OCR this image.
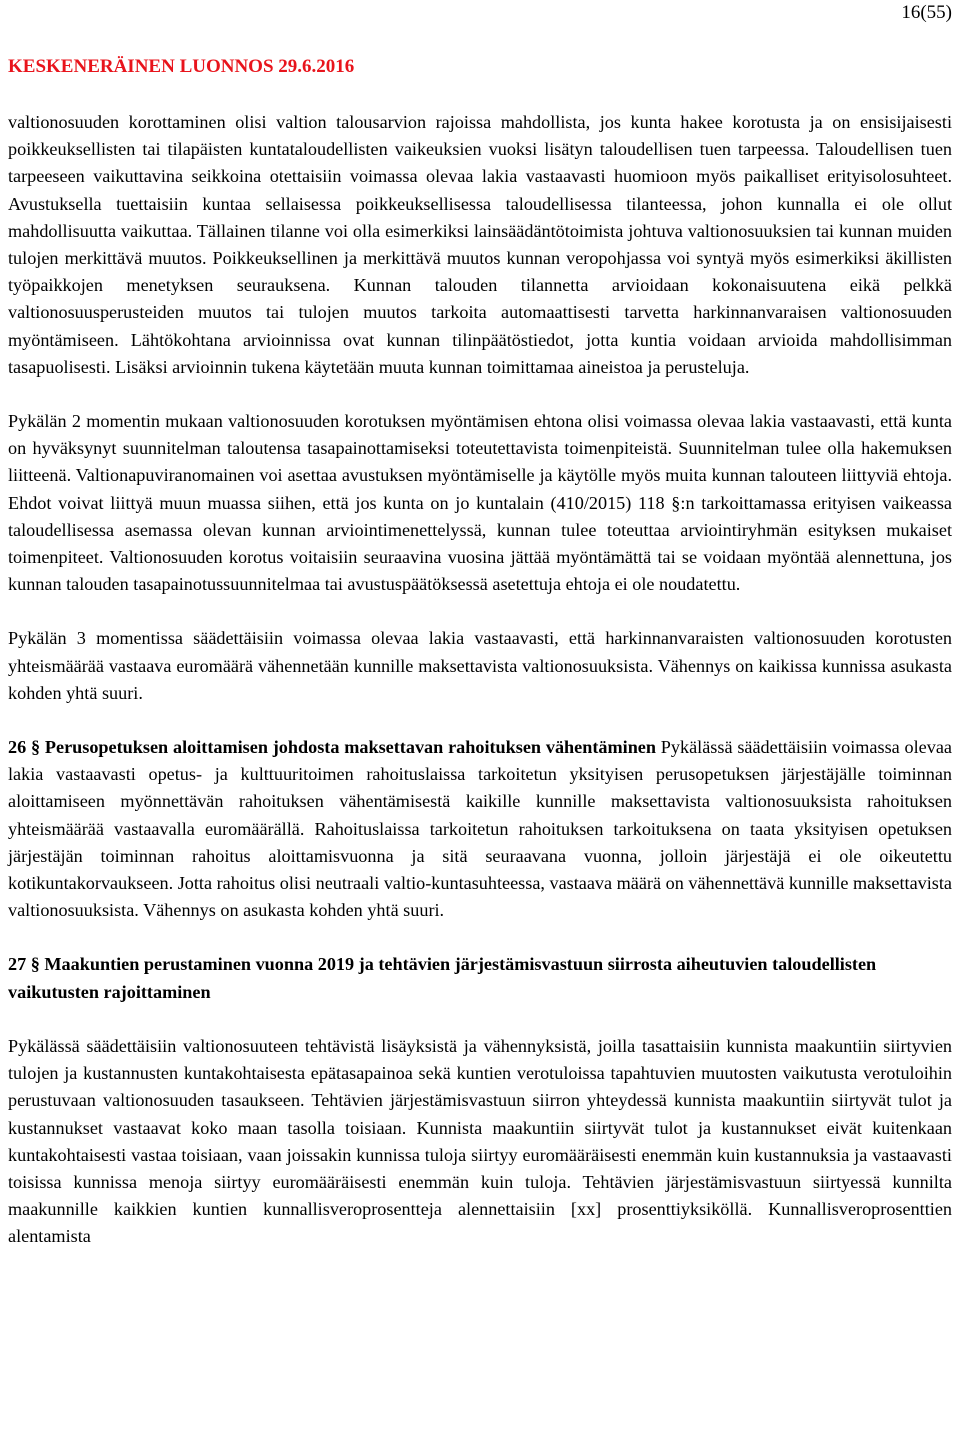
16(55)
KESKENERÄINEN LUONNOS 29.6.2016

valtionosuuden korottaminen olisi valtion talousarvion rajoissa mahdollista, jos kunta hakee korotusta ja on ensisijaisesti poikkeuksellisten tai tilapäisten kuntataloudellisten vaikeuksien vuoksi lisätyn taloudellisen tuen tarpeessa. Taloudellisen tuen tarpeeseen vaikuttavina seikkoina otettaisiin voimassa olevaa lakia vastaavasti huomioon myös paikalliset erityisolosuhteet. Avustuksella tuettaisiin kuntaa sellaisessa poikkeuksellisessa taloudellisessa tilanteessa, johon kunnalla ei ole ollut mahdollisuutta vaikuttaa. Tällainen tilanne voi olla esimerkiksi lainsäädäntötoimista johtuva valtionosuuksien tai kunnan muiden tulojen merkittävä muutos. Poikkeuksellinen ja merkittävä muutos kunnan veropohjassa voi syntyä myös esimerkiksi äkillisten työpaikkojen menetyksen seurauksena. Kunnan talouden tilannetta arvioidaan kokonaisuutena eikä pelkkä valtionosuusperusteiden muutos tai tulojen muutos tarkoita automaattisesti tarvetta harkinnanvaraisen valtionosuuden myöntämiseen. Lähtökohtana arvioinnissa ovat kunnan tilinpäätöstiedot, jotta kuntia voidaan arvioida mahdollisimman tasapuolisesti. Lisäksi arvioinnin tukena käytetään muuta kunnan toimittamaa aineistoa ja perusteluja.

Pykälän 2 momentin mukaan valtionosuuden korotuksen myöntämisen ehtona olisi voimassa olevaa lakia vastaavasti, että kunta on hyväksynyt suunnitelman taloutensa tasapainottamiseksi toteutettavista toimenpiteistä. Suunnitelman tulee olla hakemuksen liitteenä. Valtionapuviranomainen voi asettaa avustuksen myöntämiselle ja käytölle myös muita kunnan talouteen liittyviä ehtoja. Ehdot voivat liittyä muun muassa siihen, että jos kunta on jo kuntalain (410/2015) 118 §:n tarkoittamassa erityisen vaikeassa taloudellisessa asemassa olevan kunnan arviointimenettelyssä, kunnan tulee toteuttaa arviointiryhmän esityksen mukaiset toimenpiteet. Valtionosuuden korotus voitaisiin seuraavina vuosina jättää myöntämättä tai se voidaan myöntää alennettuna, jos kunnan talouden tasapainotussuunnitelmaa tai avustuspäätöksessä asetettuja ehtoja ei ole noudatettu.

Pykälän 3 momentissa säädettäisiin voimassa olevaa lakia vastaavasti, että harkinnanvaraisten valtionosuuden korotusten yhteismäärää vastaava euromäärä vähennetään kunnille maksettavista valtionosuuksista. Vähennys on kaikissa kunnissa asukasta kohden yhtä suuri.

26 § Perusopetuksen aloittamisen johdosta maksettavan rahoituksen vähentäminen Pykälässä säädettäisiin voimassa olevaa lakia vastaavasti opetus- ja kulttuuritoimen rahoituslaissa tarkoitetun yksityisen perusopetuksen järjestäjälle toiminnan aloittamiseen myönnettävän rahoituksen vähentämisestä kaikille kunnille maksettavista valtionosuuksista rahoituksen yhteismäärää vastaavalla euromäärällä. Rahoituslaissa tarkoitetun rahoituksen tarkoituksena on taata yksityisen opetuksen järjestäjän toiminnan rahoitus aloittamisvuonna ja sitä seuraavana vuonna, jolloin järjestäjä ei ole oikeutettu kotikuntakorvaukseen. Jotta rahoitus olisi neutraali valtio-kuntasuhteessa, vastaava määrä on vähennettävä kunnille maksettavista valtionosuuksista. Vähennys on asukasta kohden yhtä suuri.

27 § Maakuntien perustaminen vuonna 2019 ja tehtävien järjestämisvastuun siirrosta aiheutuvien taloudellisten vaikutusten rajoittaminen

Pykälässä säädettäisiin valtionosuuteen tehtävistä lisäyksistä ja vähennyksistä, joilla tasattaisiin kunnista maakuntiin siirtyvien tulojen ja kustannusten kuntakohtaisesta epätasapainoa sekä kuntien verotuloissa tapahtuvien muutosten vaikutusta verotuloihin perustuvaan valtionosuuden tasaukseen. Tehtävien järjestämisvastuun siirron yhteydessä kunnista maakuntiin siirtyvät tulot ja kustannukset vastaavat koko maan tasolla toisiaan. Kunnista maakuntiin siirtyvät tulot ja kustannukset eivät kuitenkaan kuntakohtaisesti vastaa toisiaan, vaan joissakin kunnissa tuloja siirtyy euromääräisesti enemmän kuin kustannuksia ja vastaavasti toisissa kunnissa menoja siirtyy euromääräisesti enemmän kuin tuloja. Tehtävien järjestämisvastuun siirtyessä kunnilta maakunnille kaikkien kuntien kunnallisveroprosentteja alennettaisiin [xx] prosenttiyksiköllä. Kunnallisveroprosenttien alentamista
